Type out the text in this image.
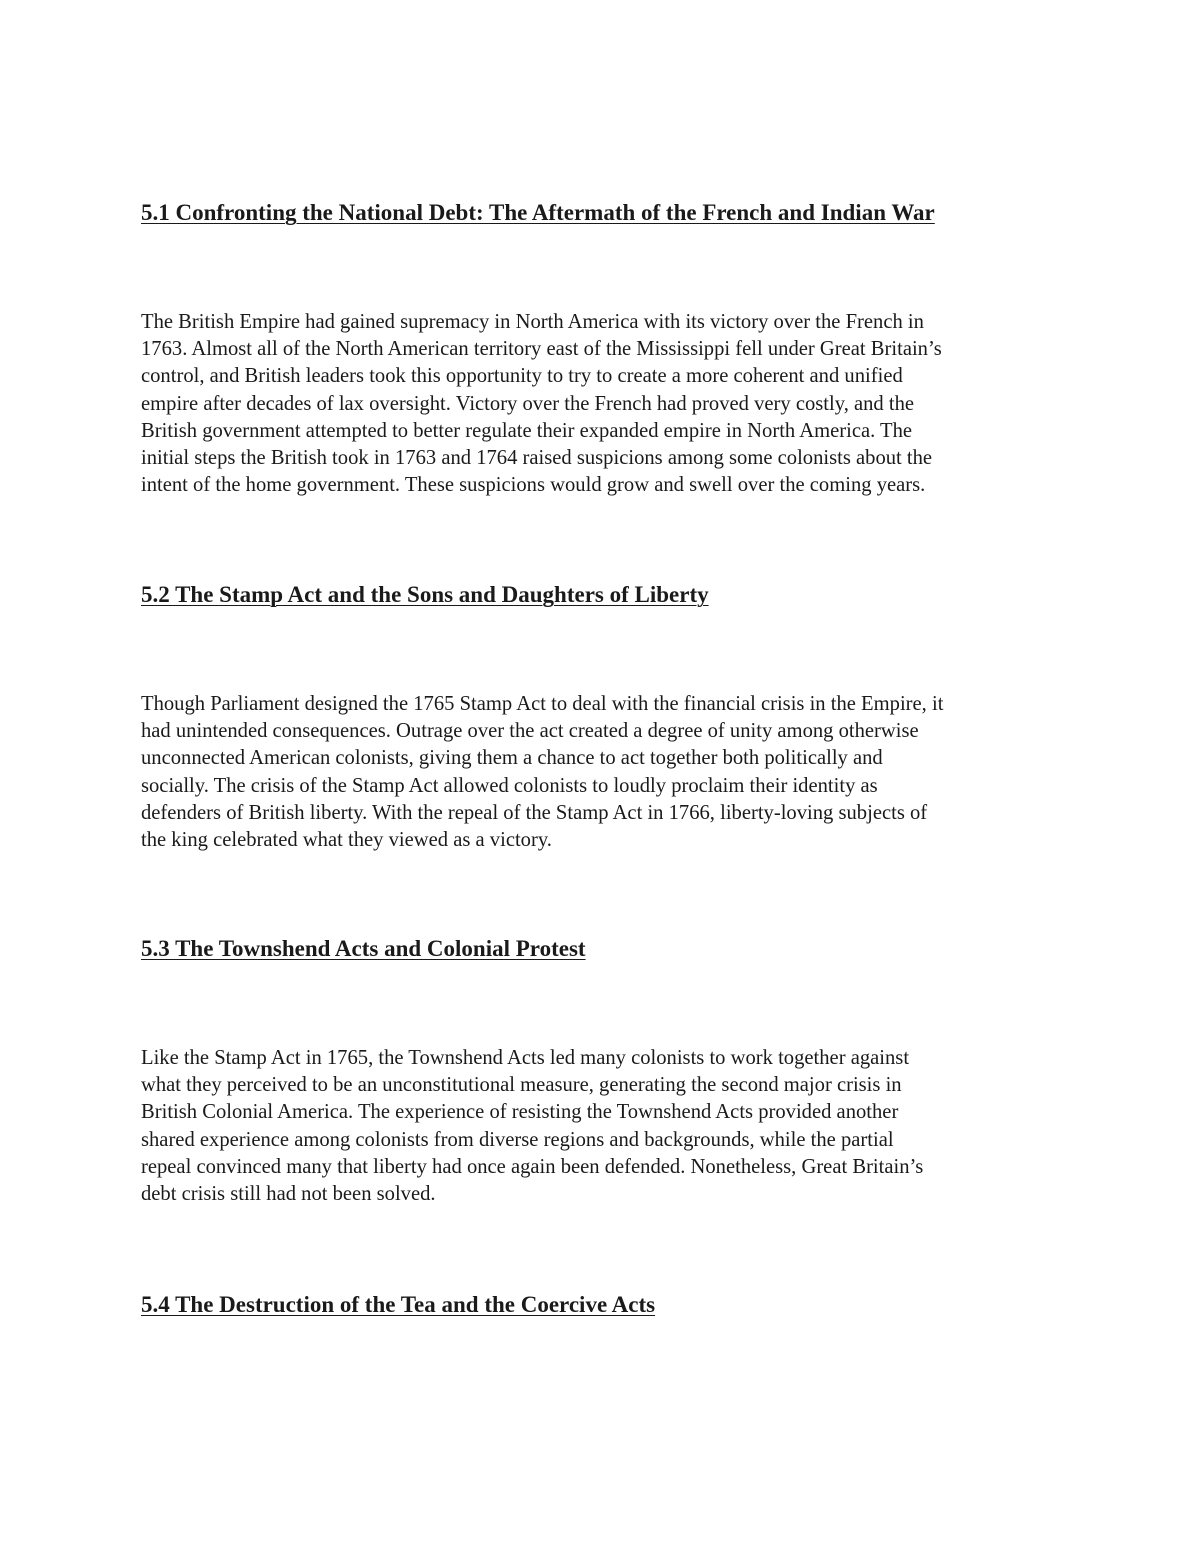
5.1 Confronting the National Debt: The Aftermath of the French and Indian War

The British Empire had gained supremacy in North America with its victory over the French in
1763. Almost all of the North American territory east of the Mississippi fell under Great Britain’s
control, and British leaders took this opportunity to try to create a more coherent and unified
empire after decades of lax oversight. Victory over the French had proved very costly, and the
British government attempted to better regulate their expanded empire in North America. The
initial steps the British took in 1763 and 1764 raised suspicions among some colonists about the
intent of the home government. These suspicions would grow and swell over the coming years.

5.2 The Stamp Act and the Sons and Daughters of Liberty

Though Parliament designed the 1765 Stamp Act to deal with the financial crisis in the Empire, it
had unintended consequences. Outrage over the act created a degree of unity among otherwise
unconnected American colonists, giving them a chance to act together both politically and
socially. The crisis of the Stamp Act allowed colonists to loudly proclaim their identity as
defenders of British liberty. With the repeal of the Stamp Act in 1766, liberty-loving subjects of
the king celebrated what they viewed as a victory.

5.3 The Townshend Acts and Colonial Protest

Like the Stamp Act in 1765, the Townshend Acts led many colonists to work together against
what they perceived to be an unconstitutional measure, generating the second major crisis in
British Colonial America. The experience of resisting the Townshend Acts provided another
shared experience among colonists from diverse regions and backgrounds, while the partial
repeal convinced many that liberty had once again been defended. Nonetheless, Great Britain’s
debt crisis still had not been solved.

5.4 The Destruction of the Tea and the Coercive Acts
